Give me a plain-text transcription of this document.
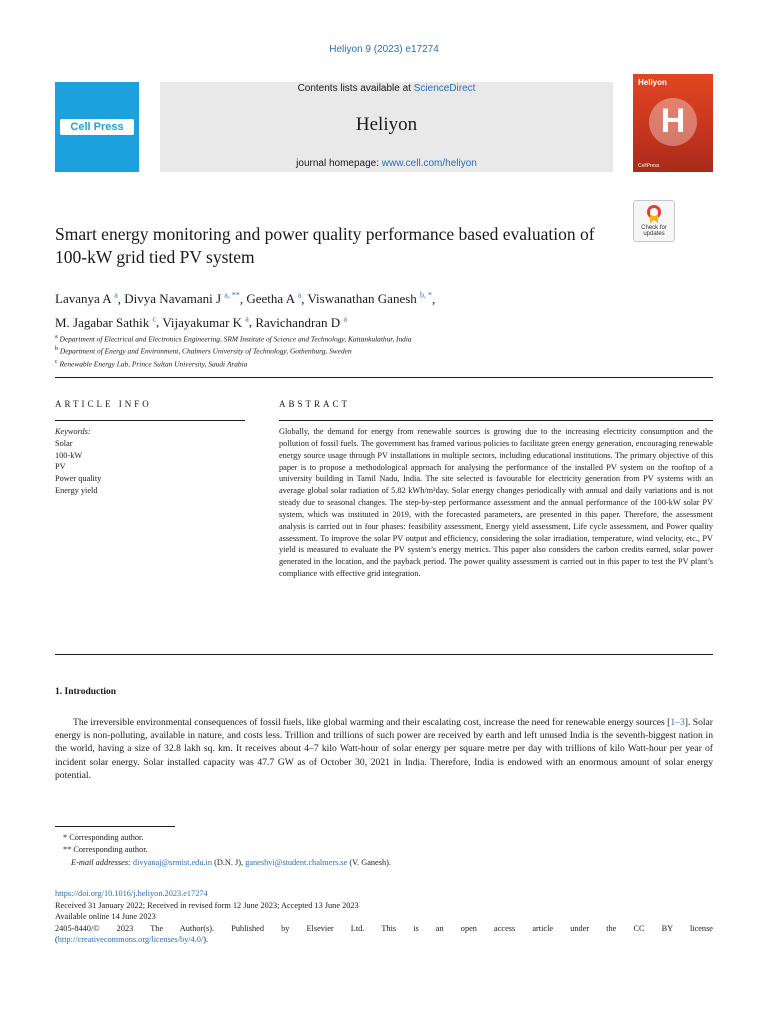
Heliyon 9 (2023) e17274
Cell Press
Contents lists available at ScienceDirect
Heliyon
journal homepage: www.cell.com/heliyon
Heliyon
H
CellPress
Check for
updates
Smart energy monitoring and power quality performance based evaluation of 100-kW grid tied PV system
Lavanya A $^a$, Divya Navamani J $^{a, **}$, Geetha A $^a$, Viswanathan Ganesh $^{b, *}$,
M. Jagabar Sathik $^c$, Vijayakumar K $^a$, Ravichandran D $^a$
$^a$ Department of Electrical and Electronics Engineering, SRM Institute of Science and Technology, Kattankulathur, India
$^b$ Department of Energy and Environment, Chalmers University of Technology, Gothenburg, Sweden
$^c$ Renewable Energy Lab, Prince Sultan University, Saudi Arabia
ARTICLE INFO	ABSTRACT
Keywords:
Solar
100-kW
PV
Power quality
Energy yield
Globally, the demand for energy from renewable sources is growing due to the increasing electricity consumption and the pollution of fossil fuels. The government has framed various policies to facilitate green energy generation, encouraging renewable energy source usage through PV installations in multiple sectors, including educational institutions. The primary objective of this paper is to propose a methodological approach for analysing the performance of the installed PV system on the rooftop of a university building in Tamil Nadu, India. The site selected is favourable for electricity generation from PV systems with an average global solar radiation of 5.82 kWh/m²day. Solar energy changes periodically with annual and daily variations and is not steady due to seasonal changes. The step-by-step performance assessment and the annual performance of the 100-kW solar PV system, which was instituted in 2019, with the forecasted parameters, are presented in this paper. Therefore, the assessment analysis is carried out in four phases: feasibility assessment, Energy yield assessment, Life cycle assessment, and Power quality assessment. To improve the solar PV output and efficiency, considering the solar irradiation, temperature, wind velocity, etc., PV yield is measured to evaluate the PV system’s energy metrics. This paper also considers the carbon credits earned, solar power generated in the location, and the payback period. The power quality assessment is carried out in this paper to test the PV plant’s compliance with effective grid integration.
1. Introduction
The irreversible environmental consequences of fossil fuels, like global warming and their escalating cost, increase the need for renewable energy sources [1–3]. Solar energy is non-polluting, available in nature, and costs less. Trillion and trillions of such power are received by earth and left unused India is the seventh-biggest nation in the world, having a size of 32.8 lakh sq. km. It receives about 4–7 kilo Watt-hour of solar energy per square metre per day with trillions of kilo Watt-hour per year of incident solar energy. Solar installed capacity was 47.7 GW as of October 30, 2021 in India. Therefore, India is endowed with an enormous amount of solar energy potential.
* Corresponding author.
** Corresponding author.
E-mail addresses: divyanaj@srmist.edu.in (D.N. J), ganeshvi@student.chalmers.se (V. Ganesh).
https://doi.org/10.1016/j.heliyon.2023.e17274
Received 31 January 2022; Received in revised form 12 June 2023; Accepted 13 June 2023
Available online 14 June 2023
2405-8440/© 2023 The Author(s). Published by Elsevier Ltd. This is an open access article under the CC BY license
(http://creativecommons.org/licenses/by/4.0/).
